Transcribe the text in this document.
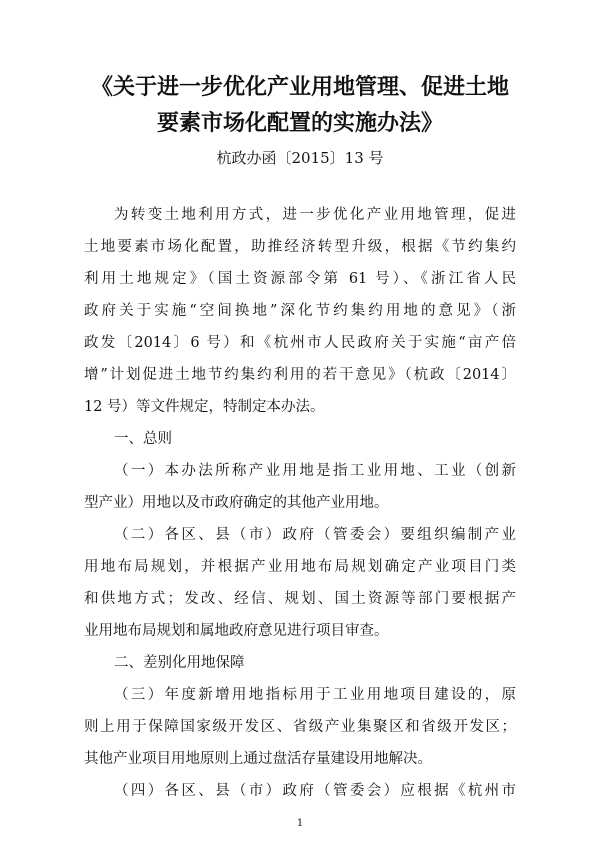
《关于进一步优化产业用地管理、促进土地
要素市场化配置的实施办法》
杭政办函〔2015〕13 号
为转变土地利用方式，进一步优化产业用地管理，促进
土地要素市场化配置，助推经济转型升级，根据《节约集约
利用土地规定》（国土资源部令第 61 号）、《浙江省人民
政府关于实施“空间换地”深化节约集约用地的意见》（浙
政发〔2014〕6 号）和《杭州市人民政府关于实施“亩产倍
增”计划促进土地节约集约利用的若干意见》（杭政〔2014〕
12 号）等文件规定，特制定本办法。
一、总则
（一）本办法所称产业用地是指工业用地、工业（创新
型产业）用地以及市政府确定的其他产业用地。
（二）各区、县（市）政府（管委会）要组织编制产业
用地布局规划，并根据产业用地布局规划确定产业项目门类
和供地方式；发改、经信、规划、国土资源等部门要根据产
业用地布局规划和属地政府意见进行项目审查。
二、差别化用地保障
（三）年度新增用地指标用于工业用地项目建设的，原
则上用于保障国家级开发区、省级产业集聚区和省级开发区；
其他产业项目用地原则上通过盘活存量建设用地解决。
（四）各区、县（市）政府（管委会）应根据《杭州市
1
